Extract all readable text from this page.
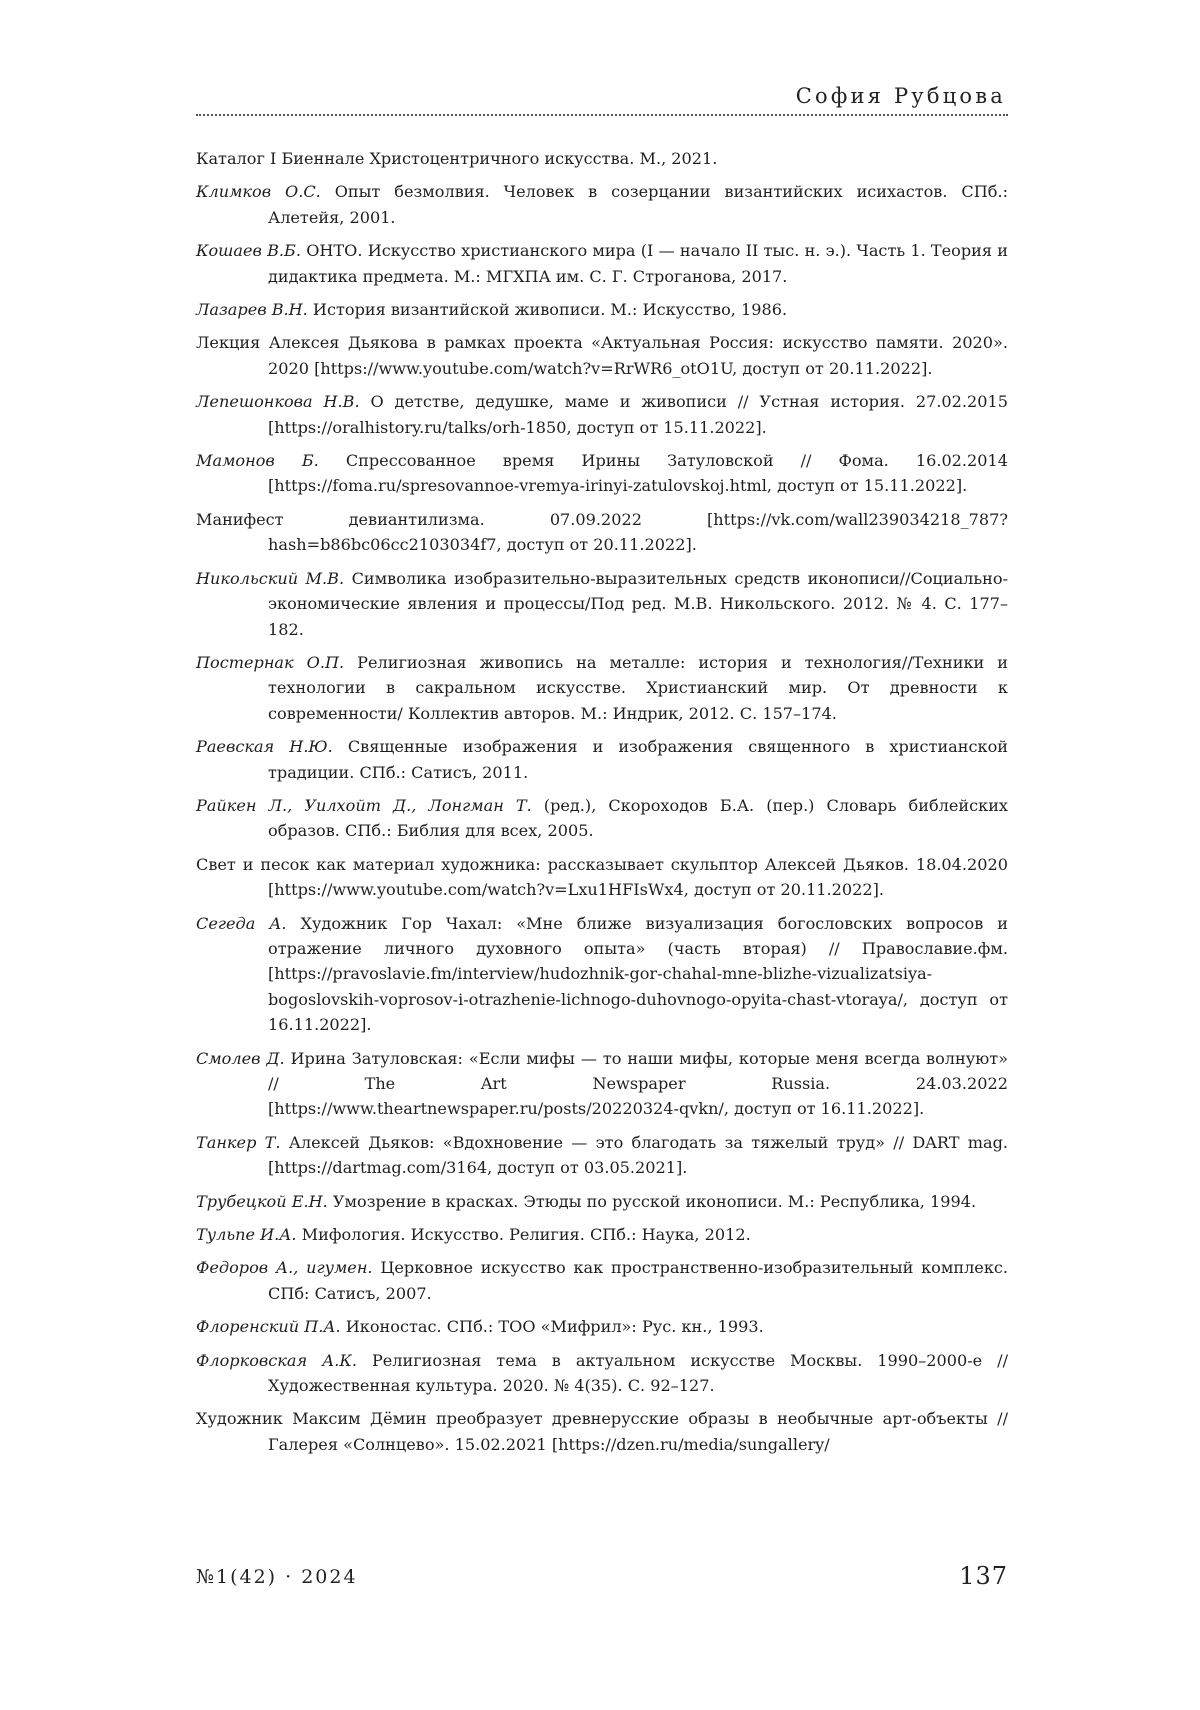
София Рубцова
Каталог I Биеннале Христоцентричного искусства. М., 2021.
Климков О.С. Опыт безмолвия. Человек в созерцании византийских исихастов. СПб.: Алетейя, 2001.
Кошаев В.Б. ОНТО. Искусство христианского мира (I — начало II тыс. н. э.). Часть 1. Теория и дидактика предмета. М.: МГХПА им. С. Г. Строганова, 2017.
Лазарев В.Н. История византийской живописи. М.: Искусство, 1986.
Лекция Алексея Дьякова в рамках проекта «Актуальная Россия: искусство памяти. 2020». 2020 [https://www.youtube.com/watch?v=RrWR6_otO1U, доступ от 20.11.2022].
Лепешонкова Н.В. О детстве, дедушке, маме и живописи // Устная история. 27.02.2015 [https://oralhistory.ru/talks/orh-1850, доступ от 15.11.2022].
Мамонов Б. Спрессованное время Ирины Затуловской // Фома. 16.02.2014 [https://foma.ru/spresovannoe-vremya-irinyi-zatulovskoj.html, доступ от 15.11.2022].
Манифест девиантилизма. 07.09.2022 [https://vk.com/wall239034218_787?hash=b86bc06cc2103034f7, доступ от 20.11.2022].
Никольский М.В. Символика изобразительно-выразительных средств иконописи//Социально-экономические явления и процессы/Под ред. М.В. Никольского. 2012. № 4. С. 177–182.
Постернак О.П. Религиозная живопись на металле: история и технология//Техники и технологии в сакральном искусстве. Христианский мир. От древности к современности/ Коллектив авторов. М.: Индрик, 2012. С. 157–174.
Раевская Н.Ю. Священные изображения и изображения священного в христианской традиции. СПб.: Сатисъ, 2011.
Райкен Л., Уилхойт Д., Лонгман Т. (ред.), Скороходов Б.А. (пер.) Словарь библейских образов. СПб.: Библия для всех, 2005.
Свет и песок как материал художника: рассказывает скульптор Алексей Дьяков. 18.04.2020 [https://www.youtube.com/watch?v=Lxu1HFIsWx4, доступ от 20.11.2022].
Сегеда А. Художник Гор Чахал: «Мне ближе визуализация богословских вопросов и отражение личного духовного опыта» (часть вторая) // Православие.фм. [https://pravoslavie.fm/interview/hudozhnik-gor-chahal-mne-blizhe-vizualizatsiya-bogoslovskih-voprosov-i-otrazhenie-lichnogo-duhovnogo-opyita-chast-vtoraya/, доступ от 16.11.2022].
Смолев Д. Ирина Затуловская: «Если мифы — то наши мифы, которые меня всегда волнуют» // The Art Newspaper Russia. 24.03.2022 [https://www.theartnewspaper.ru/posts/20220324-qvkn/, доступ от 16.11.2022].
Танкер Т. Алексей Дьяков: «Вдохновение — это благодать за тяжелый труд» // DART mag. [https://dartmag.com/3164, доступ от 03.05.2021].
Трубецкой Е.Н. Умозрение в красках. Этюды по русской иконописи. М.: Республика, 1994.
Тульпе И.А. Мифология. Искусство. Религия. СПб.: Наука, 2012.
Федоров А., игумен. Церковное искусство как пространственно-изобразительный комплекс. СПб: Сатисъ, 2007.
Флоренский П.А. Иконостас. СПб.: ТОО «Мифрил»: Рус. кн., 1993.
Флорковская А.К. Религиозная тема в актуальном искусстве Москвы. 1990–2000-е // Художественная культура. 2020. № 4(35). С. 92–127.
Художник Максим Дёмин преобразует древнерусские образы в необычные арт-объекты // Галерея «Солнцево». 15.02.2021 [https://dzen.ru/media/sungallery/
№1(42) · 2024	137
